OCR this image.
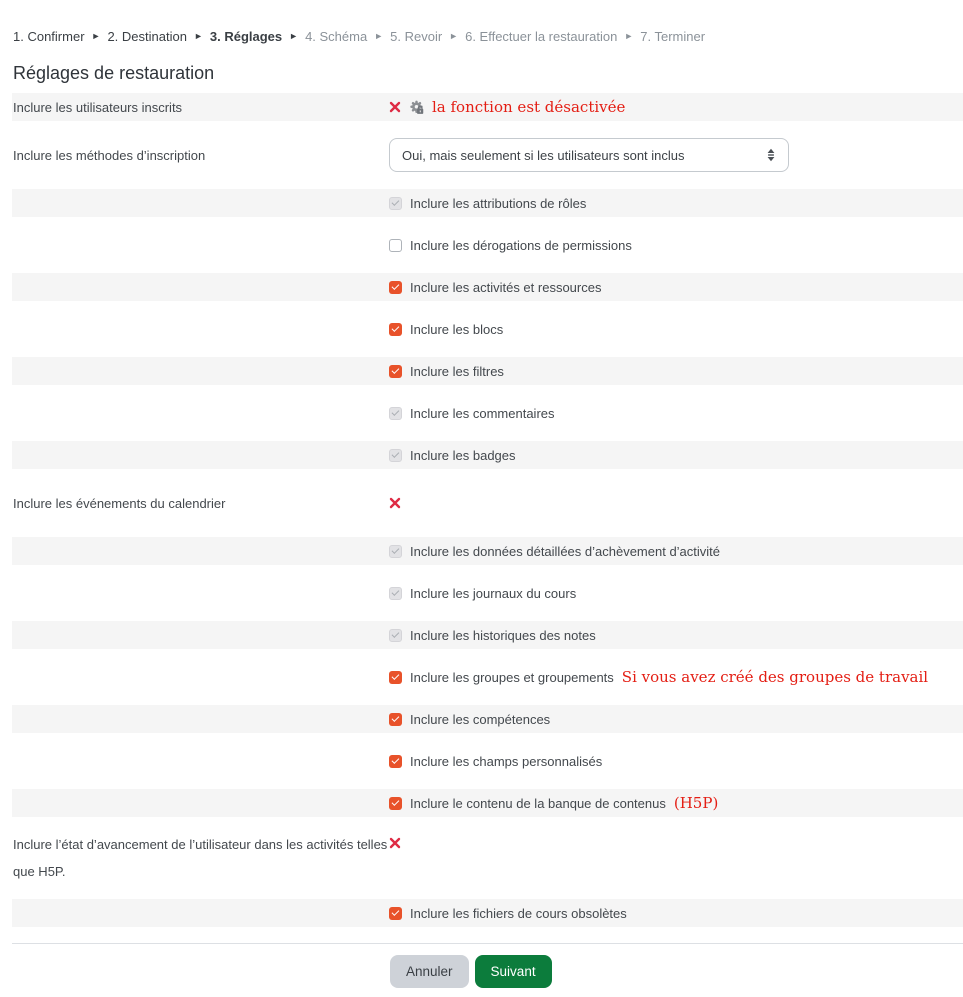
1. Confirmer ► 2. Destination ► 3. Réglages ► 4. Schéma ► 5. Revoir ► 6. Effectuer la restauration ► 7. Terminer
Réglages de restauration
Inclure les utilisateurs inscrits	la fonction est désactivée
Inclure les méthodes d’inscription	Oui, mais seulement si les utilisateurs sont inclus
Inclure les attributions de rôles
Inclure les dérogations de permissions
Inclure les activités et ressources
Inclure les blocs
Inclure les filtres
Inclure les commentaires
Inclure les badges
Inclure les événements du calendrier
Inclure les données détaillées d’achèvement d’activité
Inclure les journaux du cours
Inclure les historiques des notes
Inclure les groupes et groupements Si vous avez créé des groupes de travail
Inclure les compétences
Inclure les champs personnalisés
Inclure le contenu de la banque de contenus (H5P)
Inclure l’état d’avancement de l’utilisateur dans les activités telles que H5P.
Inclure les fichiers de cours obsolètes
Annuler	Suivant
